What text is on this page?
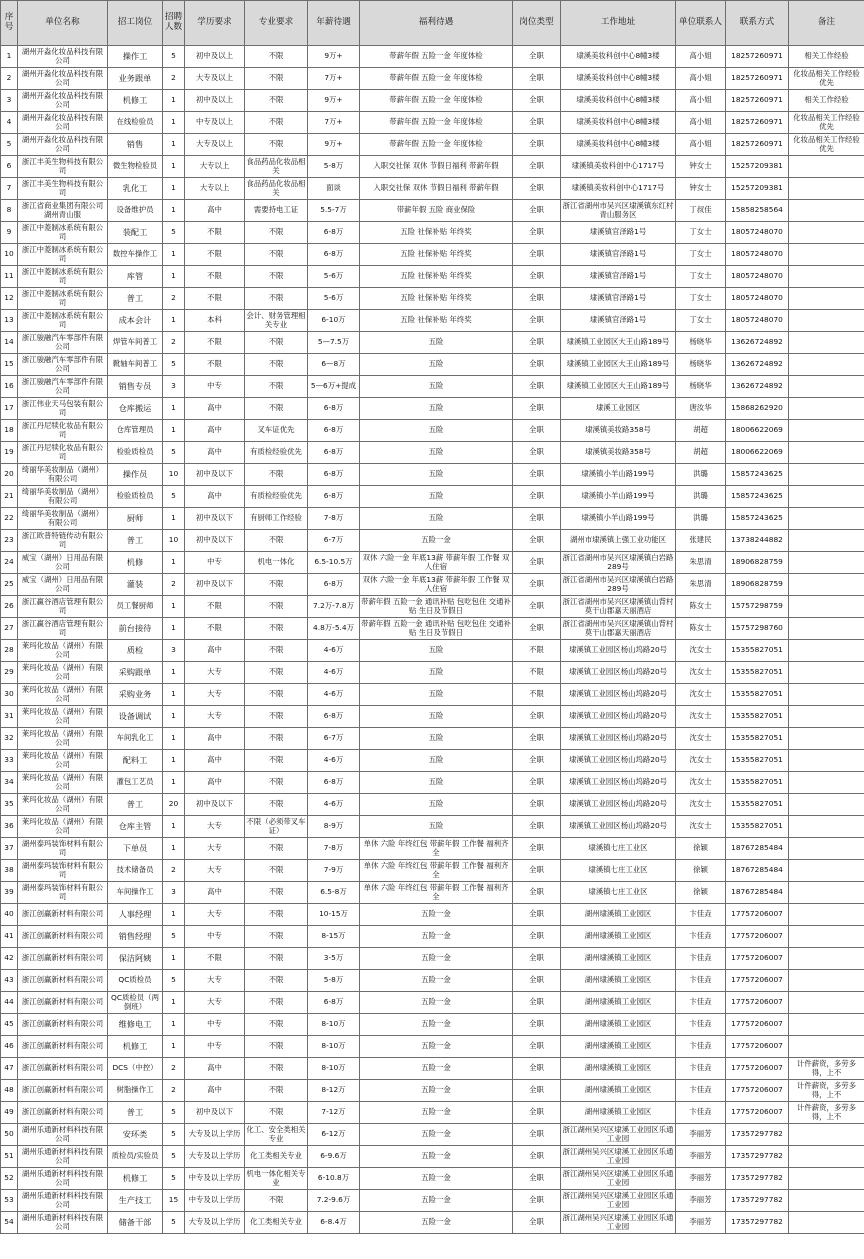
序号	单位名称	招工岗位	招聘人数	学历要求	专业要求	年薪待遇	福利待遇	岗位类型	工作地址	单位联系人	联系方式	备注
1	湖州开淼化妆品科技有限公司	操作工	5	初中及以上	不限	9万+	带薪年假 五险一金 年度体检	全职	埭溪美妆科创中心8幢3楼	高小姐	18257260971	相关工作经验
2	湖州开淼化妆品科技有限公司	业务跟单	2	大专及以上	不限	7万+	带薪年假 五险一金 年度体检	全职	埭溪美妆科创中心8幢3楼	高小姐	18257260971	化妆品相关工作经验优先
3	湖州开淼化妆品科技有限公司	机修工	1	初中及以上	不限	9万+	带薪年假 五险一金 年度体检	全职	埭溪美妆科创中心8幢3楼	高小姐	18257260971	相关工作经验
4	湖州开淼化妆品科技有限公司	在线检验员	1	中专及以上	不限	7万+	带薪年假 五险一金 年度体检	全职	埭溪美妆科创中心8幢3楼	高小姐	18257260971	化妆品相关工作经验优先
5	湖州开淼化妆品科技有限公司	销售	1	大专及以上	不限	9万+	带薪年假 五险一金 年度体检	全职	埭溪美妆科创中心8幢3楼	高小姐	18257260971	化妆品相关工作经验优先
6	浙江丰美生物科技有限公司	微生物检验员	1	大专以上	食品药品化妆品相关	5-8万	入职交社保 双休 节假日福利 带薪年假	全职	埭溪镇美妆科创中心1717号	钟女士	15257209381	
7	浙江丰美生物科技有限公司	乳化工	1	大专以上	食品药品化妆品相关	面谈	入职交社保 双休 节假日福利 带薪年假	全职	埭溪镇美妆科创中心1717号	钟女士	15257209381	
8	浙江省商业集团有限公司湖州青山服	设备维护员	1	高中	需要持电工证	5.5-7万	带薪年假 五险 商业保险	全职	浙江省湖州市吴兴区埭溪镇东红村青山服务区	丁叔佳	15858258564	
9	浙江中菱制冰系统有限公司	装配工	5	不限	不限	6-8万	五险 社保补贴 年终奖	全职	埭溪镇官泽路1号	丁女士	18057248070	
10	浙江中菱制冰系统有限公司	数控车操作工	1	不限	不限	6-8万	五险 社保补贴 年终奖	全职	埭溪镇官泽路1号	丁女士	18057248070	
11	浙江中菱制冰系统有限公司	库管	1	不限	不限	5-6万	五险 社保补贴 年终奖	全职	埭溪镇官泽路1号	丁女士	18057248070	
12	浙江中菱制冰系统有限公司	普工	2	不限	不限	5-6万	五险 社保补贴 年终奖	全职	埭溪镇官泽路1号	丁女士	18057248070	
13	浙江中菱制冰系统有限公司	成本会计	1	本科	会计、财务管理相关专业	6-10万	五险 社保补贴 年终奖	全职	埭溪镇官泽路1号	丁女士	18057248070	
14	浙江骏融汽车零部件有限公司	焊管车间普工	2	不限	不限	5—7.5万	五险	全职	埭溪镇工业园区大王山路189号	杨晓华	13626724892	
15	浙江骏融汽车零部件有限公司	靴轴车间普工	5	不限	不限	6—8万	五险	全职	埭溪镇工业园区大王山路189号	杨晓华	13626724892	
16	浙江骏融汽车零部件有限公司	销售专员	3	中专	不限	5—6万+提成	五险	全职	埭溪镇工业园区大王山路189号	杨晓华	13626724892	
17	浙江伟业天马包装有限公司	仓库搬运	1	高中	不限	6-8万	五险	全职	埭溪工业园区	唐汝华	15868262920	
18	浙江丹尼犊化妆品有限公司	仓库管理员	1	高中	叉车证优先	6-8万	五险	全职	埭溪镇美妆路358号	胡超	18006622069	
19	浙江丹尼犊化妆品有限公司	检验质检员	5	高中	有质检经验优先	6-8万	五险	全职	埭溪镇美妆路358号	胡超	18006622069	
20	绮丽华美妆制品（湖州）有限公司	操作员	10	初中及以下	不限	6-8万	五险	全职	埭溪镇小羊山路199号	洪璐	15857243625	
21	绮丽华美妆制品（湖州）有限公司	检验质检员	5	高中	有质检经验优先	6-8万	五险	全职	埭溪镇小羊山路199号	洪璐	15857243625	
22	绮丽华美妆制品（湖州）有限公司	厨师	1	初中及以下	有厨师工作经验	7-8万	五险	全职	埭溪镇小羊山路199号	洪璐	15857243625	
23	浙江欧普特链传动有限公司	普工	10	初中及以下	不限	6-7万	五险一金	全职	湖州市埭溪镇上强工业功能区	张建民	13738244882	
24	威宝（湖州）日用品有限公司	机修	1	中专	机电一体化	6.5-10.5万	双休 六险一金 年底13薪 带薪年假 工作餐 双人住宿	全职	浙江省湖州市吴兴区埭溪镇白岩路289号	朱思清	18906828759	
25	威宝（湖州）日用品有限公司	灌装	2	初中及以下	不限	6-8万	双休 六险一金 年底13薪 带薪年假 工作餐 双人住宿	全职	浙江省湖州市吴兴区埭溪镇白岩路289号	朱思清	18906828759	
26	浙江赢谷酒店管理有限公司	员工餐厨师	1	不限	不限	7.2万-7.8万	带薪年假 五险一金 通讯补贴 包吃包住 交通补贴 生日及节假日	全职	浙江省湖州市吴兴区埭溪镇山背村莫干山郡嘉天丽酒店	陈女士	15757298759	
27	浙江赢谷酒店管理有限公司	前台接待	1	不限	不限	4.8万-5.4万	带薪年假 五险一金 通讯补贴 包吃包住 交通补贴 生日及节假日	全职	浙江省湖州市吴兴区埭溪镇山背村莫干山郡嘉天丽酒店	陈女士	15757298760	
28	莱玛化妆品（湖州）有限公司	质检	3	高中	不限	4-6万	五险	不限	埭溪镇工业园区杨山坞路20号	沈女士	15355827051	
29	莱玛化妆品（湖州）有限公司	采购跟单	1	大专	不限	4-6万	五险	不限	埭溪镇工业园区杨山坞路20号	沈女士	15355827051	
30	莱玛化妆品（湖州）有限公司	采购业务	1	大专	不限	4-6万	五险	不限	埭溪镇工业园区杨山坞路20号	沈女士	15355827051	
31	莱玛化妆品（湖州）有限公司	设备调试	1	大专	不限	6-8万	五险	全职	埭溪镇工业园区杨山坞路20号	沈女士	15355827051	
32	莱玛化妆品（湖州）有限公司	车间乳化工	1	高中	不限	6-7万	五险	全职	埭溪镇工业园区杨山坞路20号	沈女士	15355827051	
33	莱玛化妆品（湖州）有限公司	配料工	1	高中	不限	4-6万	五险	全职	埭溪镇工业园区杨山坞路20号	沈女士	15355827051	
34	莱玛化妆品（湖州）有限公司	灌包工艺员	1	高中	不限	6-8万	五险	全职	埭溪镇工业园区杨山坞路20号	沈女士	15355827051	
35	莱玛化妆品（湖州）有限公司	普工	20	初中及以下	不限	4-6万	五险	全职	埭溪镇工业园区杨山坞路20号	沈女士	15355827051	
36	莱玛化妆品（湖州）有限公司	仓库主管	1	大专	不限（必须带叉车证）	8-9万	五险	全职	埭溪镇工业园区杨山坞路20号	沈女士	15355827051	
37	湖州泰玛装饰材料有限公司	下单员	1	大专	不限	7-8万	单休 六险 年终红包 带薪年假 工作餐 福利齐全	全职	埭溪镇七庄工业区	徐颖	18767285484	
38	湖州泰玛装饰材料有限公司	技术储备员	2	大专	不限	7-9万	单休 六险 年终红包 带薪年假 工作餐 福利齐全	全职	埭溪镇七庄工业区	徐颖	18767285484	
39	湖州泰玛装饰材料有限公司	车间操作工	3	高中	不限	6.5-8万	单休 六险 年终红包 带薪年假 工作餐 福利齐全	全职	埭溪镇七庄工业区	徐颖	18767285484	
40	浙江创赢新材料有限公司	人事经理	1	大专	不限	10-15万	五险一金	全职	湖州埭溪镇工业园区	卞佳垚	17757206007	
41	浙江创赢新材料有限公司	销售经理	5	中专	不限	8-15万	五险一金	全职	湖州埭溪镇工业园区	卞佳垚	17757206007	
42	浙江创赢新材料有限公司	保洁阿姨	1	不限	不限	3-5万	五险一金	全职	湖州埭溪镇工业园区	卞佳垚	17757206007	
43	浙江创赢新材料有限公司	QC质检员	5	大专	不限	5-8万	五险一金	全职	湖州埭溪镇工业园区	卞佳垚	17757206007	
44	浙江创赢新材料有限公司	QC质检员（两倒班）	1	大专	不限	6-8万	五险一金	全职	湖州埭溪镇工业园区	卞佳垚	17757206007	
45	浙江创赢新材料有限公司	维修电工	1	中专	不限	8-10万	五险一金	全职	湖州埭溪镇工业园区	卞佳垚	17757206007	
46	浙江创赢新材料有限公司	机修工	1	中专	不限	8-10万	五险一金	全职	湖州埭溪镇工业园区	卞佳垚	17757206007	
47	浙江创赢新材料有限公司	DCS（中控）	2	高中	不限	8-10万	五险一金	全职	湖州埭溪镇工业园区	卞佳垚	17757206007	计件薪资，多劳多得，上不
48	浙江创赢新材料有限公司	树脂操作工	2	高中	不限	8-12万	五险一金	全职	湖州埭溪镇工业园区	卞佳垚	17757206007	计件薪资，多劳多得，上不
49	浙江创赢新材料有限公司	普工	5	初中及以下	不限	7-12万	五险一金	全职	湖州埭溪镇工业园区	卞佳垚	17757206007	计件薪资，多劳多得，上不
50	湖州乐通新材料科技有限公司	安环类	5	大专及以上学历	化工、安全类相关专业	6-12万	五险一金	全职	浙江湖州吴兴区埭溪工业园区乐通工业园	李丽芳	17357297782	
51	湖州乐通新材料科技有限公司	质检员/实验员	5	大专及以上学历	化工类相关专业	6-9.6万	五险一金	全职	浙江湖州吴兴区埭溪工业园区乐通工业园	李丽芳	17357297782	
52	湖州乐通新材料科技有限公司	机修工	5	中专及以上学历	机电一体化相关专业	6-10.8万	五险一金	全职	浙江湖州吴兴区埭溪工业园区乐通工业园	李丽芳	17357297782	
53	湖州乐通新材料科技有限公司	生产技工	15	中专及以上学历	不限	7.2-9.6万	五险一金	全职	浙江湖州吴兴区埭溪工业园区乐通工业园	李丽芳	17357297782	
54	湖州乐通新材料科技有限公司	储备干部	5	大专及以上学历	化工类相关专业	6-8.4万	五险一金	全职	浙江湖州吴兴区埭溪工业园区乐通工业园	李丽芳	17357297782	
